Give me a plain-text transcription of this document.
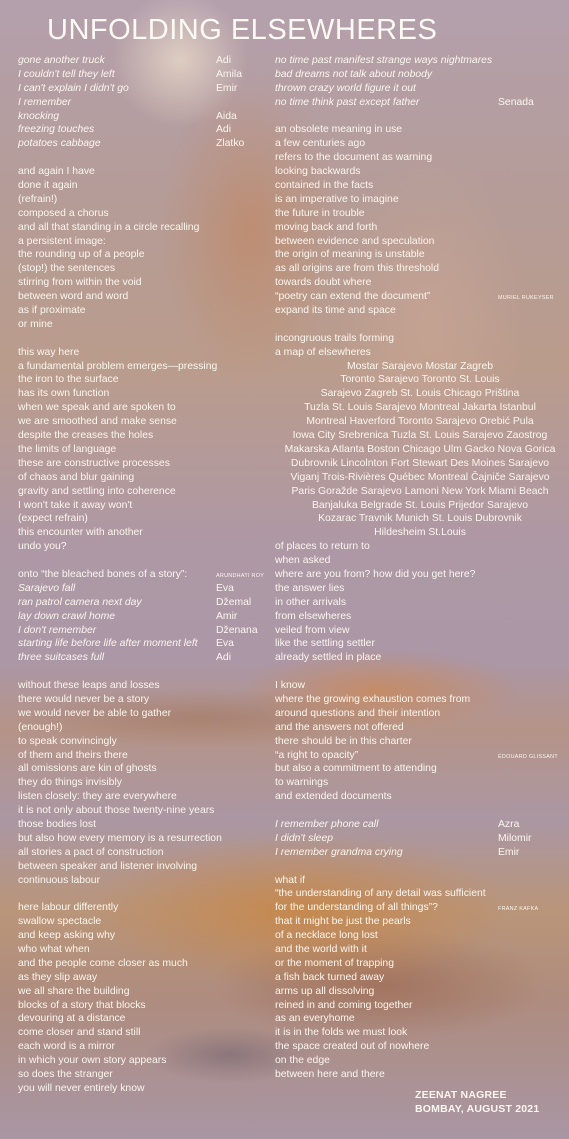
UNFOLDING ELSEWHERES
gone another truck	Adi
I couldn't tell they left	Amila
I can't explain I didn't go	Emir
I remember
knocking	Aida
freezing touches	Adi
potatoes cabbage	Zlatko
and again I have
done it again
(refrain!)
composed a chorus
and all that standing in a circle recalling
a persistent image:
the rounding up of a people
(stop!) the sentences
stirring from within the void
between word and word
as if proximate
or mine
this way here
a fundamental problem emerges—pressing
the iron to the surface
has its own function
when we speak and are spoken to
we are smoothed and make sense
despite the creases the holes
the limits of language
these are constructive processes
of chaos and blur gaining
gravity and settling into coherence
I won't take it away won't
(expect refrain)
this encounter with another
undo you?
onto “the bleached bones of a story”:	ARUNDHATI ROY
Sarajevo fall	Eva
ran patrol camera next day	Džemal
lay down crawl home	Amir
I don't remember	Dženana
starting life before life after moment left Eva
three suitcases full	Adi
without these leaps and losses
there would never be a story
we would never be able to gather
(enough!)
to speak convincingly
of them and theirs there
all omissions are kin of ghosts
they do things invisibly
listen closely: they are everywhere
it is not only about those twenty-nine years
those bodies lost
but also how every memory is a resurrection
all stories a pact of construction
between speaker and listener involving
continuous labour
here labour differently
swallow spectacle
and keep asking why
who what when
and the people come closer as much
as they slip away
we all share the building
blocks of a story that blocks
devouring at a distance
come closer and stand still
each word is a mirror
in which your own story appears
so does the stranger
you will never entirely know
no time past manifest strange ways nightmares
bad dreams not talk about nobody
thrown crazy world figure it out
no time think past except father	Senada
an obsolete meaning in use
a few centuries ago
refers to the document as warning
looking backwards
contained in the facts
is an imperative to imagine
the future in trouble
moving back and forth
between evidence and speculation
the origin of meaning is unstable
as all origins are from this threshold
towards doubt where
“poetry can extend the document”	MURIEL RUKEYSER
expand its time and space
incongruous trails forming
a map of elsewheres
Mostar Sarajevo Mostar Zagreb
Toronto Sarajevo Toronto St. Louis
Sarajevo Zagreb St. Louis Chicago Priština
Tuzla St. Louis Sarajevo Montreal Jakarta Istanbul
Montreal Haverford Toronto Sarajevo Orebić Pula
Iowa City Srebrenica Tuzla St. Louis Sarajevo Zaostrog
Makarska Atlanta Boston Chicago Ulm Gacko Nova Gorica
Dubrovnik Lincolnton Fort Stewart Des Moines Sarajevo
Viganj Trois-Rivières Québec Montreal Čajniče Sarajevo
Paris Goražde Sarajevo Lamoni New York Miami Beach
Banjaluka Belgrade St. Louis Prijedor Sarajevo
Kozarac Travnik Munich St. Louis Dubrovnik
Hildesheim St.Louis
of places to return to
when asked
where are you from? how did you get here?
the answer lies
in other arrivals
from elsewheres
veiled from view
like the settling settler
already settled in place
I know
where the growing exhaustion comes from
around questions and their intention
and the answers not offered
there should be in this charter
“a right to opacity”	ÉDOUARD GLISSANT
but also a commitment to attending
to warnings
and extended documents
I remember phone call	Azra
I didn't sleep	Milomir
I remember grandma crying	Emir
what if
“the understanding of any detail was sufficient
for the understanding of all things”?	FRANZ KAFKA
that it might be just the pearls
of a necklace long lost
and the world with it
or the moment of trapping
a fish back turned away
arms up all dissolving
reined in and coming together
as an everyhome
it is in the folds we must look
the space created out of nowhere
on the edge
between here and there
ZEENAT NAGREE
BOMBAY, AUGUST 2021
